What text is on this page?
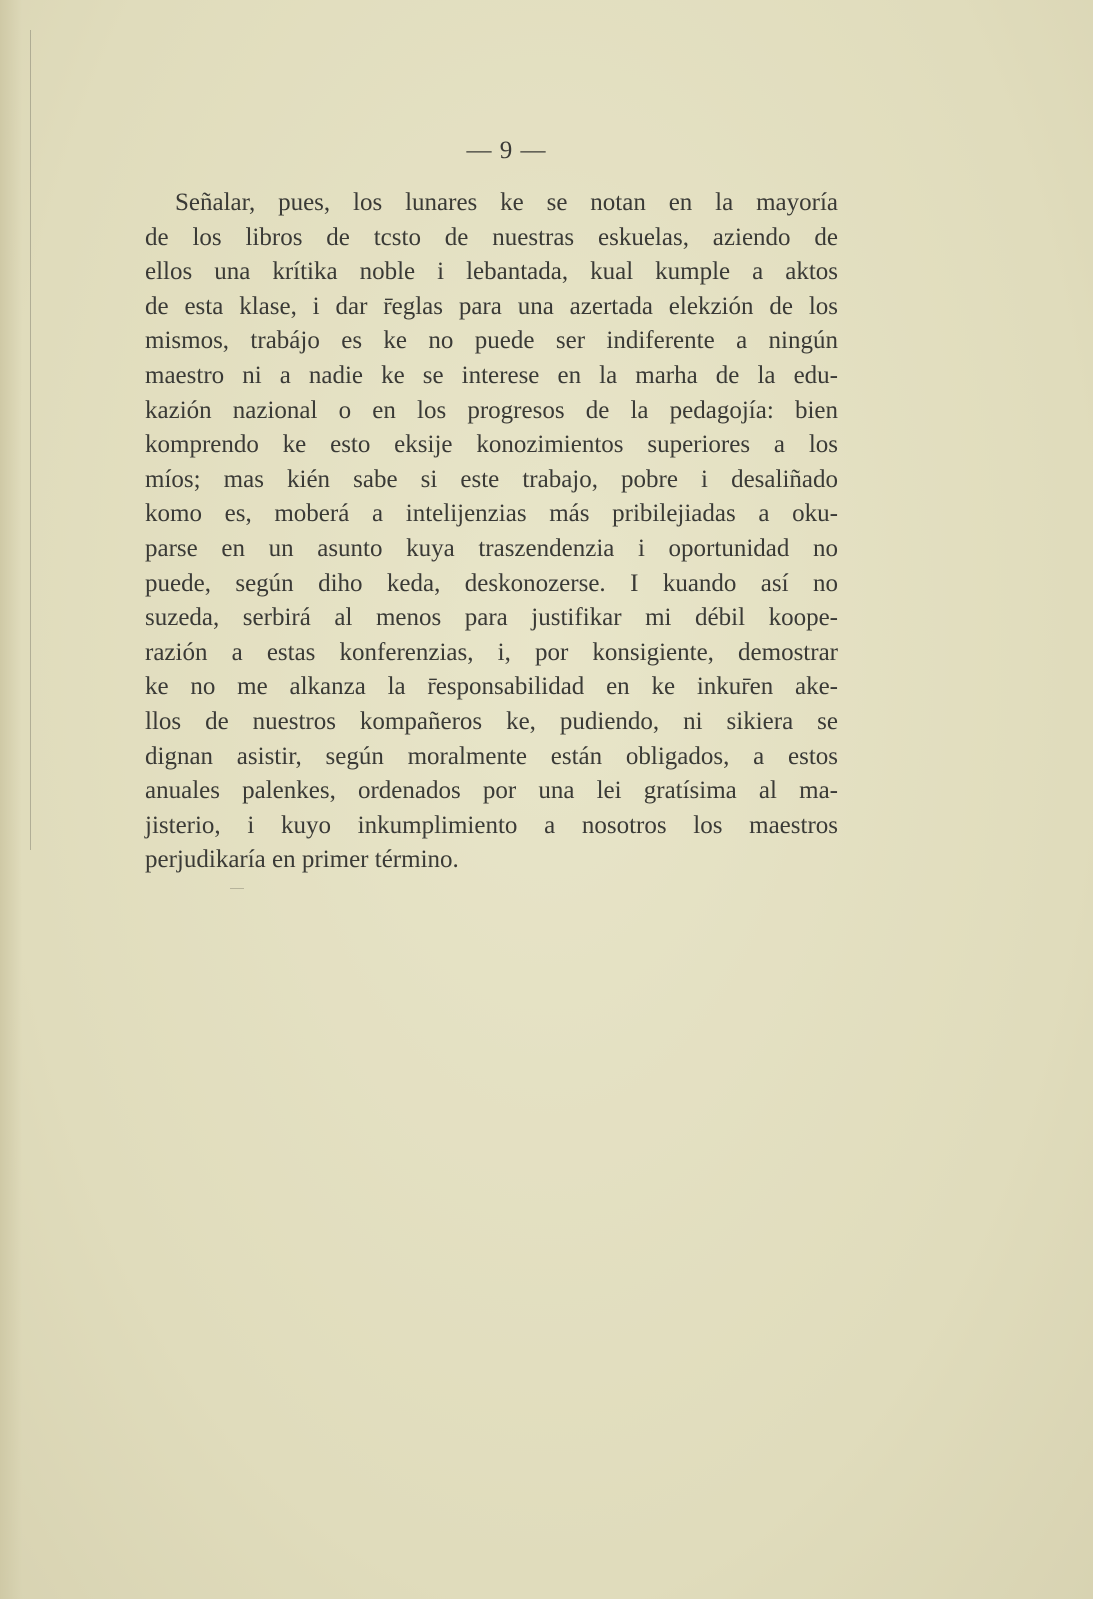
— 9 —
Señalar, pues, los lunares ke se notan en la mayoría
de los libros de tcsto de nuestras eskuelas, aziendo de
ellos una krítika noble i lebantada, kual kumple a aktos
de esta klase, i dar r̄eglas para una azertada elekzión de los
mismos, trabájo es ke no puede ser indiferente a ningún
maestro ni a nadie ke se interese en la marha de la edu-
kazión nazional o en los progresos de la pedagojía: bien
komprendo ke esto eksije konozimientos superiores a los
míos; mas kién sabe si este trabajo, pobre i desaliñado
komo es, moberá a intelijenzias más pribilejiadas a oku-
parse en un asunto kuya traszendenzia i oportunidad no
puede, según diho keda, deskonozerse. I kuando así no
suzeda, serbirá al menos para justifikar mi débil koope-
razión a estas konferenzias, i, por konsigiente, demostrar
ke no me alkanza la r̄esponsabilidad en ke inkur̄en ake-
llos de nuestros kompañeros ke, pudiendo, ni sikiera se
dignan asistir, según moralmente están obligados, a estos
anuales palenkes, ordenados por una lei gratísima al ma-
jisterio, i kuyo inkumplimiento a nosotros los maestros
perjudikaría en primer término.
